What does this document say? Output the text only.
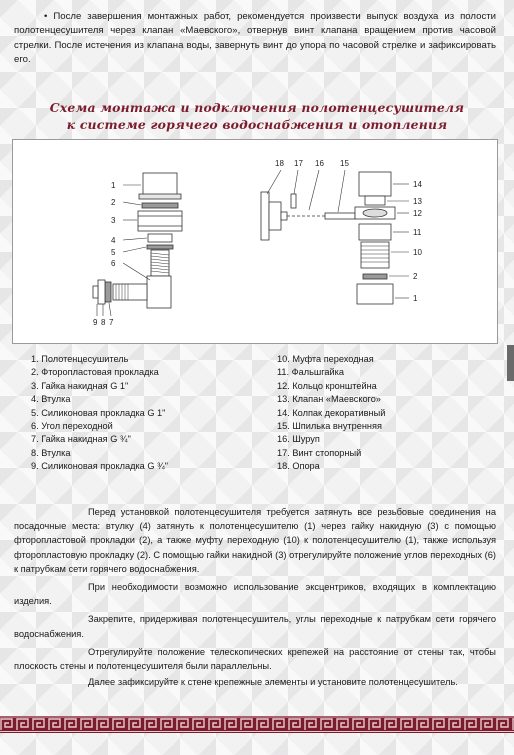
• После завершения монтажных работ, рекомендуется произвести выпуск воздуха из полости полотенцесушителя через клапан «Маевского», отвернув винт клапана вращением против часовой стрелки. После истечения из клапана воды, завернуть винт до упора по часовой стрелке и зафиксировать его.

Схема монтажа и подключения полотенцесушителя
к системе горячего водоснабжения и отопления
1
2
3
4
5
6
9 8 7
18 17 16 15
14
13
12
11
10
2
1
1. Полотенцесушитель
2. Фторопластовая прокладка
3. Гайка накидная G 1"
4. Втулка
5. Силиконовая прокладка G 1"
6. Угол переходной
7. Гайка накидная G ¾"
8. Втулка
9. Силиконовая прокладка G ¾"
10. Муфта переходная
11. Фальшгайка
12. Кольцо кронштейна
13. Клапан «Маевского»
14. Колпак декоративный
15. Шпилька внутренняя
16. Шуруп
17. Винт стопорный
18. Опора

Перед установкой полотенцесушителя требуется затянуть все резьбовые соединения на посадочные места: втулку (4) затянуть к полотенцесушителю (1) через гайку накидную (3) с помощью фторопластовой прокладки (2), а также муфту переходную (10) к полотенцесушителю (1), также используя фторопластовую прокладку (2). С помощью гайки накидной (3) отрегулируйте положение углов переходных (6) к патрубкам сети горячего водоснабжения.

При необходимости возможно использование эксцентриков, входящих в комплектацию изделия.

Закрепите, придерживая полотенцесушитель, углы переходные к патрубкам сети горячего водоснабжения.

Отрегулируйте положение телескопических крепежей на расстояние от стены так, чтобы плоскость стены и полотенцесушителя были параллельны.

Далее зафиксируйте к стене крепежные элементы и установите полотенцесушитель.
